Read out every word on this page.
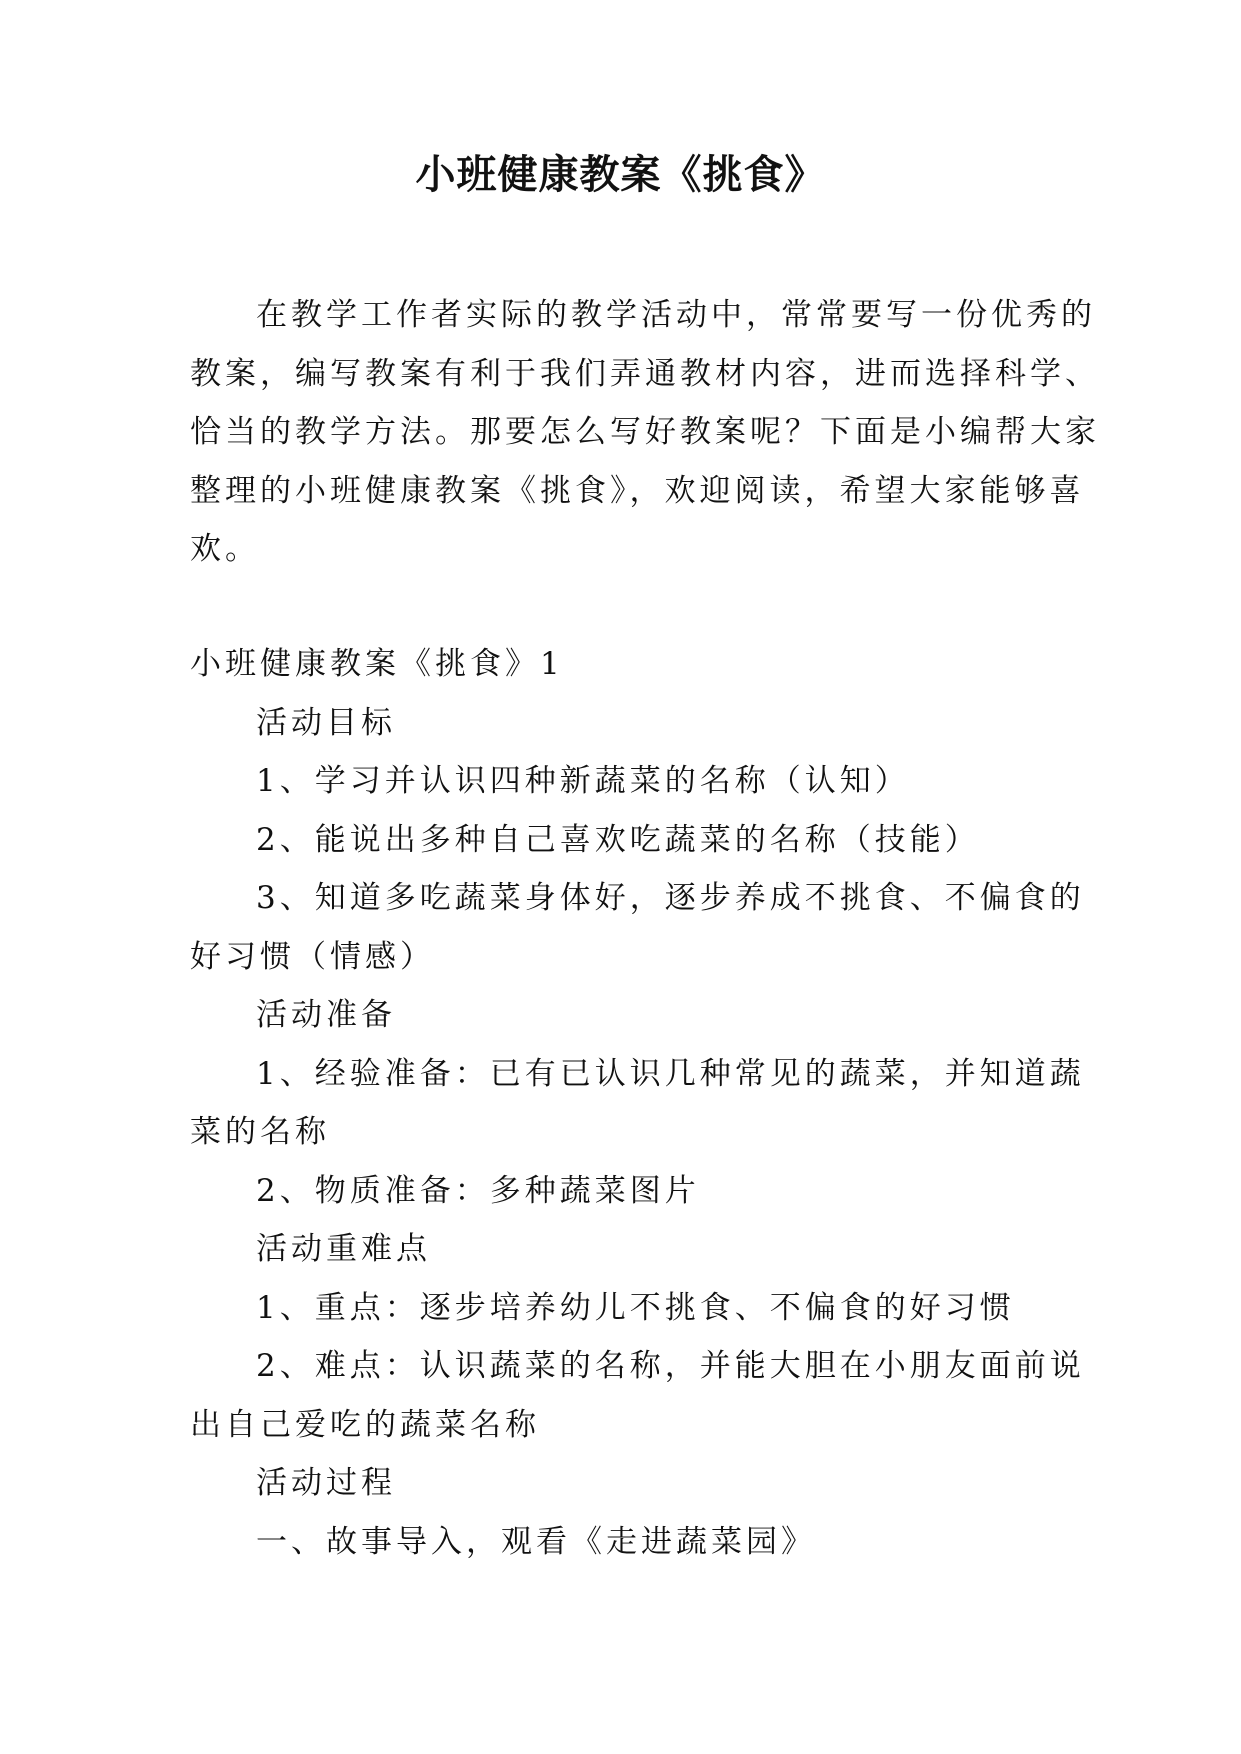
小班健康教案《挑食》
在教学工作者实际的教学活动中，常常要写一份优秀的
教案，编写教案有利于我们弄通教材内容，进而选择科学、
恰当的教学方法。那要怎么写好教案呢？下面是小编帮大家
整理的小班健康教案《挑食》，欢迎阅读，希望大家能够喜
欢。
小班健康教案《挑食》1
活动目标
1、学习并认识四种新蔬菜的名称（认知）
2、能说出多种自己喜欢吃蔬菜的名称（技能）
3、知道多吃蔬菜身体好，逐步养成不挑食、不偏食的
好习惯（情感）
活动准备
1、经验准备：已有已认识几种常见的蔬菜，并知道蔬
菜的名称
2、物质准备：多种蔬菜图片
活动重难点
1、重点：逐步培养幼儿不挑食、不偏食的好习惯
2、难点：认识蔬菜的名称，并能大胆在小朋友面前说
出自己爱吃的蔬菜名称
活动过程
一、故事导入，观看《走进蔬菜园》
